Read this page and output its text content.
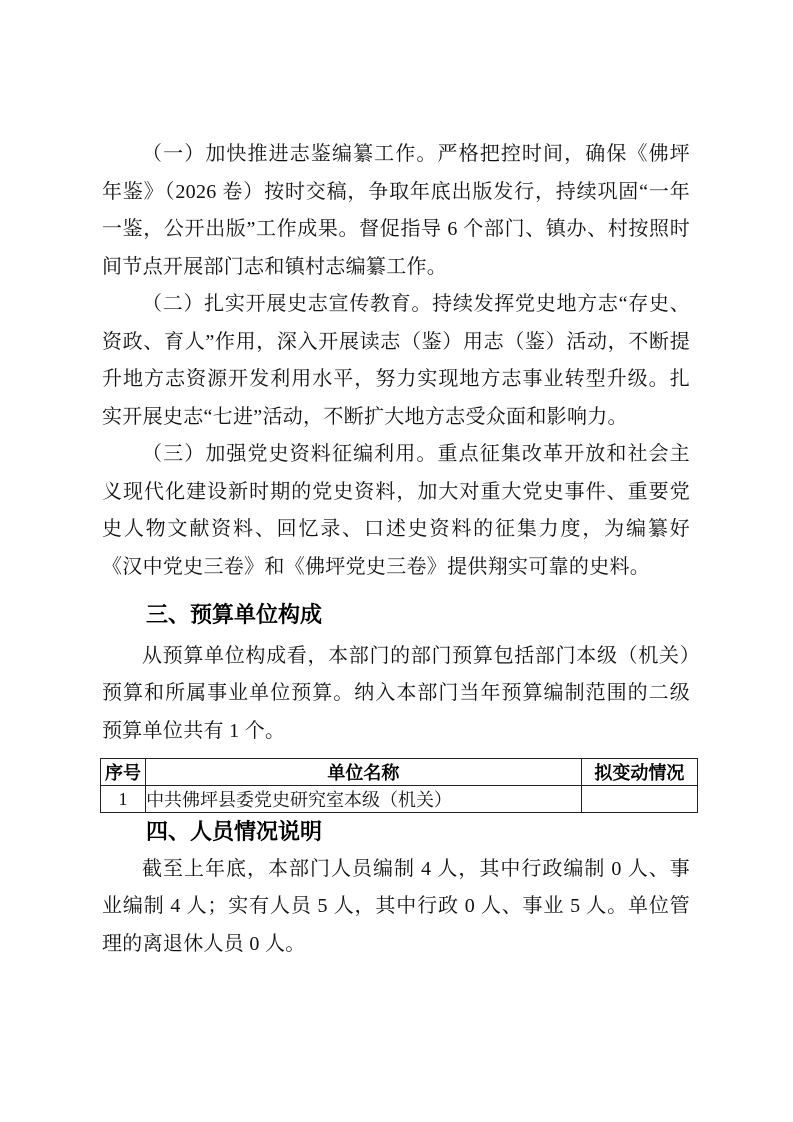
（一）加快推进志鉴编纂工作。严格把控时间，确保《佛坪年鉴》（2026 卷）按时交稿，争取年底出版发行，持续巩固“一年一鉴，公开出版”工作成果。督促指导 6 个部门、镇办、村按照时间节点开展部门志和镇村志编纂工作。

（二）扎实开展史志宣传教育。持续发挥党史地方志“存史、资政、育人”作用，深入开展读志（鉴）用志（鉴）活动，不断提升地方志资源开发利用水平，努力实现地方志事业转型升级。扎实开展史志“七进”活动，不断扩大地方志受众面和影响力。

（三）加强党史资料征编利用。重点征集改革开放和社会主义现代化建设新时期的党史资料，加大对重大党史事件、重要党史人物文献资料、回忆录、口述史资料的征集力度，为编纂好《汉中党史三卷》和《佛坪党史三卷》提供翔实可靠的史料。

三、预算单位构成

从预算单位构成看，本部门的部门预算包括部门本级（机关）预算和所属事业单位预算。纳入本部门当年预算编制范围的二级预算单位共有 1 个。

序号	单位名称	拟变动情况
1	中共佛坪县委党史研究室本级（机关）	
四、人员情况说明

截至上年底，本部门人员编制 4 人，其中行政编制 0 人、事业编制 4 人；实有人员 5 人，其中行政 0 人、事业 5 人。单位管理的离退休人员 0 人。
